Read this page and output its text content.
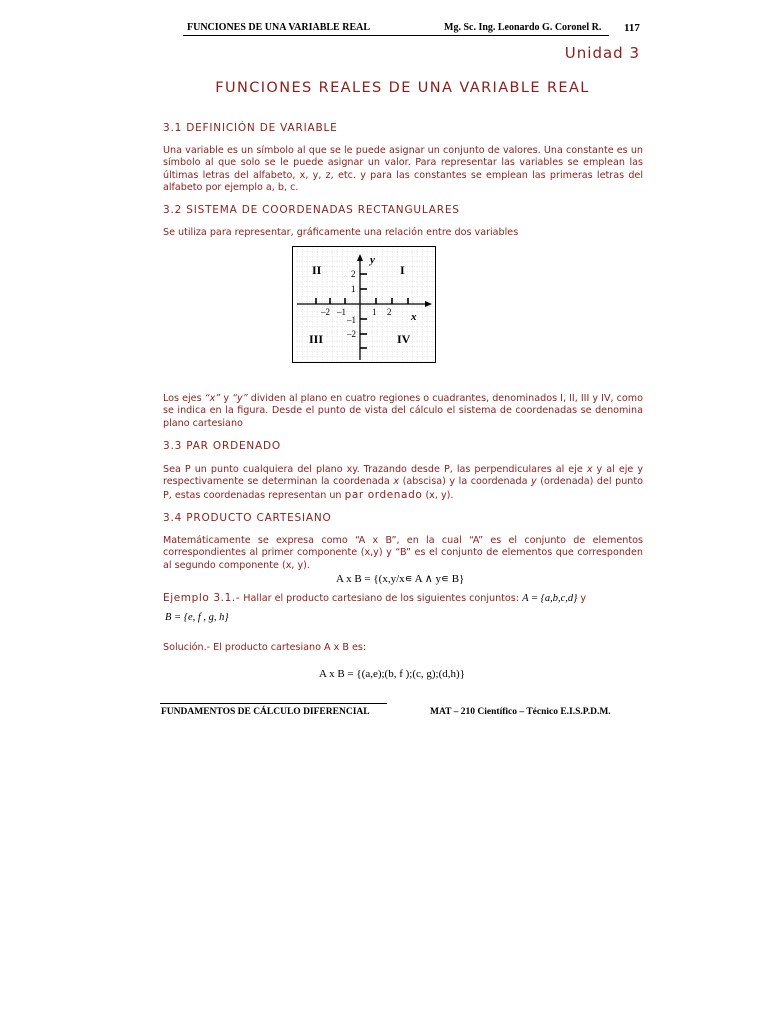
FUNCIONES DE UNA VARIABLE REAL	Mg. Sc. Ing. Leonardo G. Coronel R. 117
Unidad 3
FUNCIONES REALES DE UNA VARIABLE REAL
3.1 DEFINICIÓN DE VARIABLE
Una variable es un símbolo al que se le puede asignar un conjunto de valores. Una constante es un símbolo al que solo se le puede asignar un valor. Para representar las variables se emplean las últimas letras del alfabeto, x, y, z, etc. y para las constantes se emplean las primeras letras del alfabeto por ejemplo a, b, c.
3.2 SISTEMA DE COORDENADAS RECTANGULARES
Se utiliza para representar, gráficamente una relación entre dos variables
–2 –1	1 2
2
1
–1
–2
y
x
I
II
III	IV
Los ejes “x” y “y” dividen al plano en cuatro regiones o cuadrantes, denominados I, II, III y IV, como se indica en la figura. Desde el punto de vista del cálculo el sistema de coordenadas se denomina plano cartesiano
3.3 PAR ORDENADO
Sea P un punto cualquiera del plano xy. Trazando desde P, las perpendiculares al eje x y al eje y respectivamente se determinan la coordenada x (abscisa) y la coordenada y (ordenada) del punto P, estas coordenadas representan un par ordenado (x, y).
3.4 PRODUCTO CARTESIANO
Matemáticamente se expresa como “A x B”, en la cual “A” es el conjunto de elementos correspondientes al primer componente (x,y) y “B” es el conjunto de elementos que corresponden al segundo componente (x, y).
A x B = {(x,y/x∊ A ∧ y∊ B}
Ejemplo 3.1.- Hallar el producto cartesiano de los siguientes conjuntos: A = {a,b,c,d} y
B = {e, f , g, h}
Solución.- El producto cartesiano A x B es:
A x B = {(a,e);(b, f );(c, g);(d,h)}
FUNDAMENTOS DE CÁLCULO DIFERENCIAL	MAT – 210 Científico – Técnico E.I.S.P.D.M.
